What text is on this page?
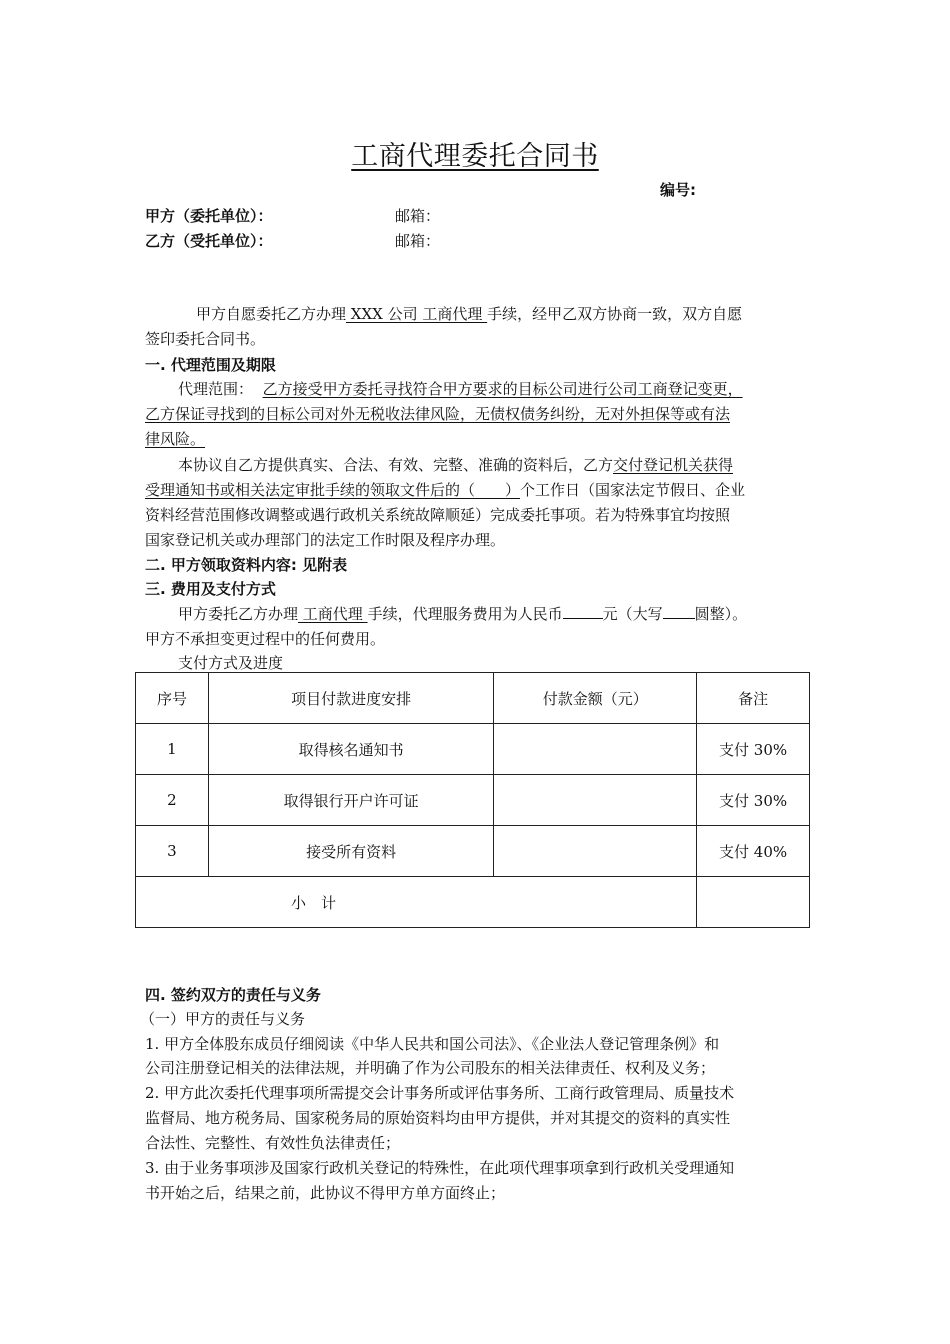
工商代理委托合同书
编号:
甲方（委托单位）：	邮箱：
乙方（受托单位）：	邮箱：
甲方自愿委托乙方办理 XXX 公司 工商代理 手续，经甲乙双方协商一致，双方自愿
签印委托合同书。
一. 代理范围及期限
代理范围： 乙方接受甲方委托寻找符合甲方要求的目标公司进行公司工商登记变更，
乙方保证寻找到的目标公司对外无税收法律风险，无债权债务纠纷，无对外担保等或有法
律风险。
本协议自乙方提供真实、合法、有效、完整、准确的资料后，乙方交付登记机关获得
受理通知书或相关法定审批手续的领取文件后的（　　 ）个工作日（国家法定节假日、企业
资料经营范围修改调整或遇行政机关系统故障顺延）完成委托事项。若为特殊事宜均按照
国家登记机关或办理部门的法定工作时限及程序办理。
二. 甲方领取资料内容: 见附表
三. 费用及支付方式
甲方委托乙方办理 工商代理 手续，代理服务费用为人民币	元（大写 圆整）。
甲方不承担变更过程中的任何费用。
支付方式及进度
序号	项目付款进度安排	付款金额（元）	备注
1	取得核名通知书		支付 30%
2	取得银行开户许可证		支付 30%
3	接受所有资料		支付 40%
小　计			
四. 签约双方的责任与义务
（一）甲方的责任与义务
1. 甲方全体股东成员仔细阅读《中华人民共和国公司法》、《企业法人登记管理条例》和
公司注册登记相关的法律法规，并明确了作为公司股东的相关法律责任、权利及义务；
2. 甲方此次委托代理事项所需提交会计事务所或评估事务所、工商行政管理局、质量技术
监督局、地方税务局、国家税务局的原始资料均由甲方提供，并对其提交的资料的真实性
合法性、完整性、有效性负法律责任；
3. 由于业务事项涉及国家行政机关登记的特殊性，在此项代理事项拿到行政机关受理通知
书开始之后，结果之前，此协议不得甲方单方面终止；
